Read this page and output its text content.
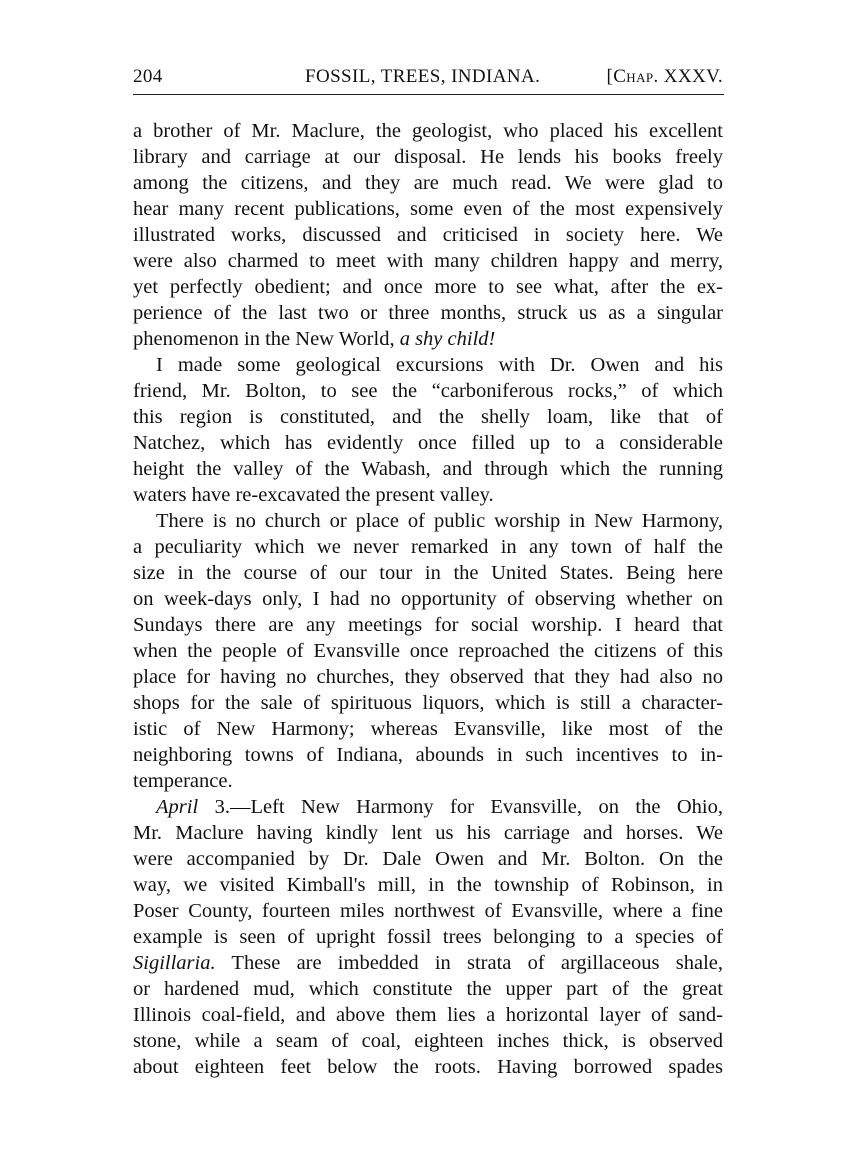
204	FOSSIL, TREES, INDIANA.	[Chap. XXXV.
a brother of Mr. Maclure, the geologist, who placed his excellent
library and carriage at our disposal. He lends his books freely
among the citizens, and they are much read. We were glad to
hear many recent publications, some even of the most expensively
illustrated works, discussed and criticised in society here. We
were also charmed to meet with many children happy and merry,
yet perfectly obedient; and once more to see what, after the ex-
perience of the last two or three months, struck us as a singular
phenomenon in the New World, a shy child!
I made some geological excursions with Dr. Owen and his
friend, Mr. Bolton, to see the “carboniferous rocks,” of which
this region is constituted, and the shelly loam, like that of
Natchez, which has evidently once filled up to a considerable
height the valley of the Wabash, and through which the running
waters have re-excavated the present valley.
There is no church or place of public worship in New Harmony,
a peculiarity which we never remarked in any town of half the
size in the course of our tour in the United States. Being here
on week-days only, I had no opportunity of observing whether on
Sundays there are any meetings for social worship. I heard that
when the people of Evansville once reproached the citizens of this
place for having no churches, they observed that they had also no
shops for the sale of spirituous liquors, which is still a character-
istic of New Harmony; whereas Evansville, like most of the
neighboring towns of Indiana, abounds in such incentives to in-
temperance.
April 3.—Left New Harmony for Evansville, on the Ohio,
Mr. Maclure having kindly lent us his carriage and horses. We
were accompanied by Dr. Dale Owen and Mr. Bolton. On the
way, we visited Kimball's mill, in the township of Robinson, in
Poser County, fourteen miles northwest of Evansville, where a fine
example is seen of upright fossil trees belonging to a species of
Sigillaria. These are imbedded in strata of argillaceous shale,
or hardened mud, which constitute the upper part of the great
Illinois coal-field, and above them lies a horizontal layer of sand-
stone, while a seam of coal, eighteen inches thick, is observed
about eighteen feet below the roots. Having borrowed spades
